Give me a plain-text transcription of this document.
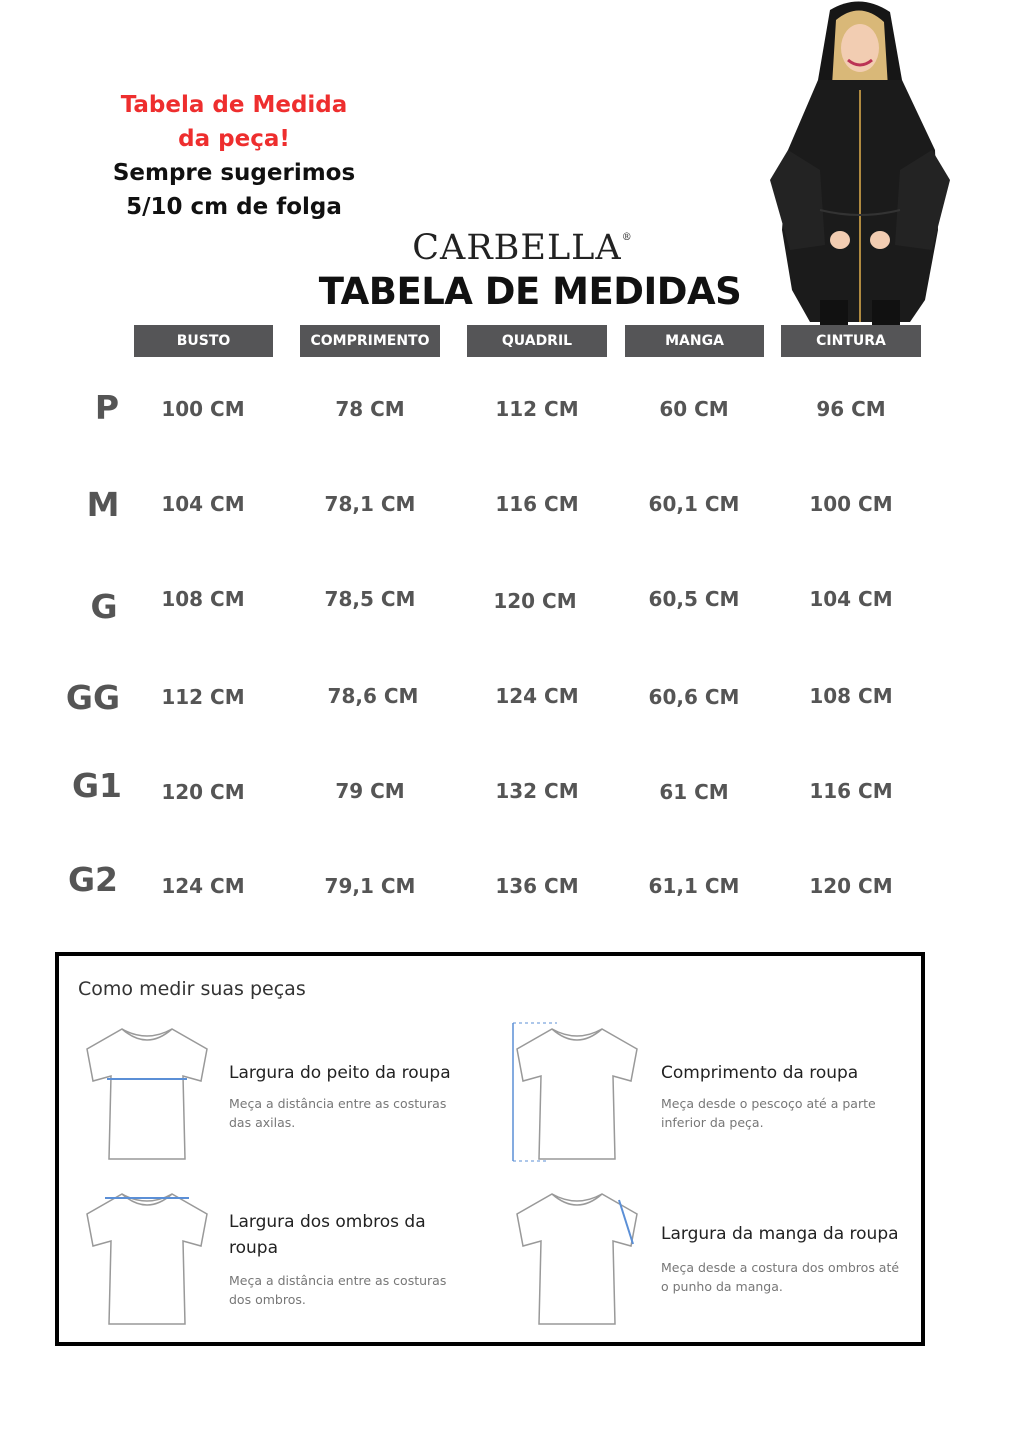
Tabela de Medida
da peça!
Sempre sugerimos
5/10 cm de folga
CARBELLA®
TABELA DE MEDIDAS
BUSTO	COMPRIMENTO	QUADRIL	MANGA	CINTURA
P	100 CM	78 CM	112 CM	60 CM	96 CM
M	104 CM	78,1 CM	116 CM	60,1 CM	100 CM
G	108 CM	78,5 CM	120 CM	60,5 CM	104 CM
GG	112 CM	78,6 CM	124 CM	60,6 CM	108 CM
G1	120 CM	79 CM	132 CM	61 CM	116 CM
G2	124 CM	79,1 CM	136 CM	61,1 CM	120 CM
Como medir suas peças
Largura do peito da roupa
Meça a distância entre as costuras das axilas.
Comprimento da roupa
Meça desde o pescoço até a parte inferior da peça.
Largura dos ombros da roupa
Meça a distância entre as costuras dos ombros.
Largura da manga da roupa
Meça desde a costura dos ombros até o punho da manga.
